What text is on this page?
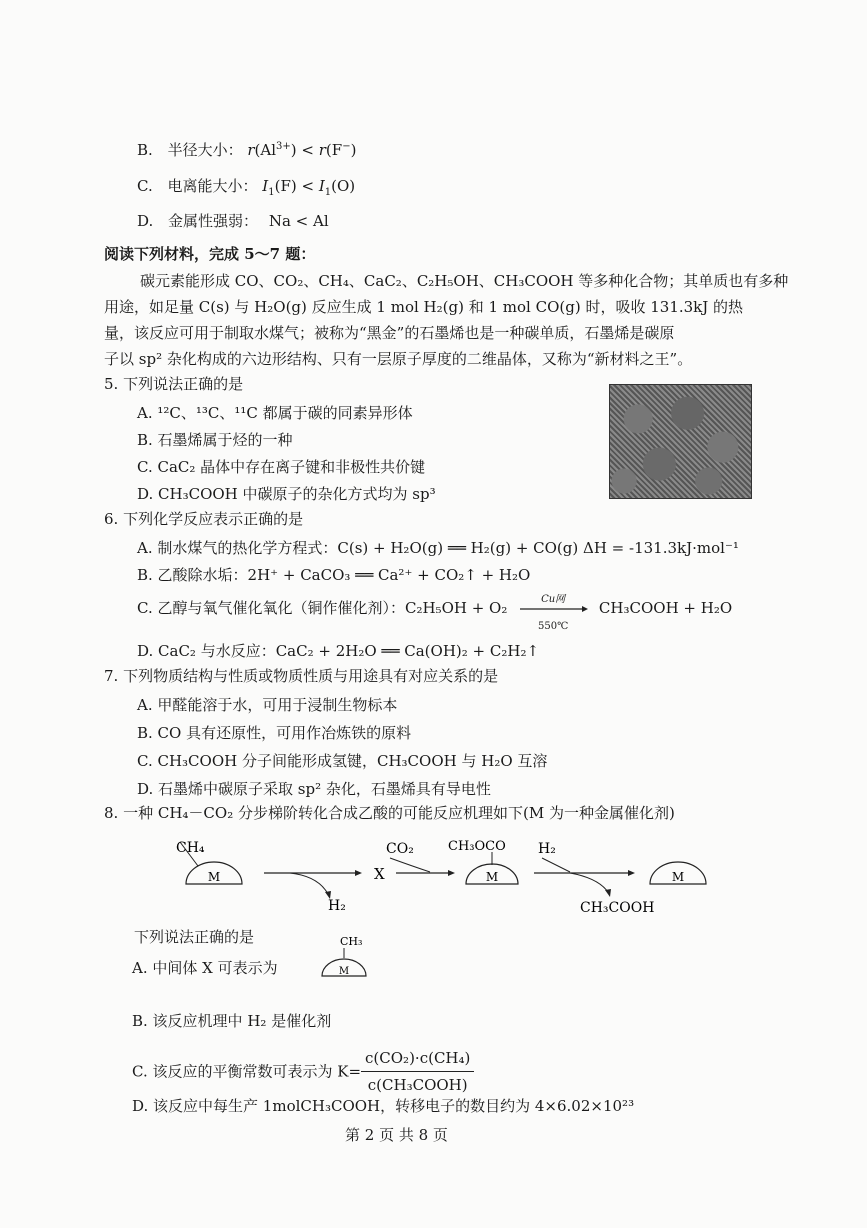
B. 半径大小： $r(Al^{3+}) < r(F^-)$
C. 电离能大小： $I_1(F) < I_1(O)$
D. 金属性强弱： Na < Al
阅读下列材料，完成 5～7 题：
碳元素能形成 CO、CO₂、CH₄、CaC₂、C₂H₅OH、CH₃COOH 等多种化合物；其单质也有多种
用途，如足量 C(s) 与 H₂O(g) 反应生成 1 mol H₂(g) 和 1 mol CO(g) 时，吸收 131.3kJ 的热
量，该反应可用于制取水煤气；被称为“黑金”的石墨烯也是一种碳单质，石墨烯是碳原
子以 sp² 杂化构成的六边形结构、只有一层原子厚度的二维晶体，又称为“新材料之王”。
5. 下列说法正确的是
A. ¹²C、¹³C、¹¹C 都属于碳的同素异形体
B. 石墨烯属于烃的一种
C. CaC₂ 晶体中存在离子键和非极性共价键
D. CH₃COOH 中碳原子的杂化方式均为 sp³
6. 下列化学反应表示正确的是
A. 制水煤气的热化学方程式：C(s) + H₂O(g) ══ H₂(g) + CO(g) ΔH = -131.3kJ·mol⁻¹
B. 乙酸除水垢：2H⁺ + CaCO₃ ══ Ca²⁺ + CO₂↑ + H₂O
C. 乙醇与氧气催化氧化（铜作催化剂）：C₂H₅OH + O₂	Cu网
550℃
CH₃COOH + H₂O
D. CaC₂ 与水反应：CaC₂ + 2H₂O ══ Ca(OH)₂ + C₂H₂↑
7. 下列物质结构与性质或物质性质与用途具有对应关系的是
A. 甲醛能溶于水，可用于浸制生物标本
B. CO 具有还原性，可用作冶炼铁的原料
C. CH₃COOH 分子间能形成氢键，CH₃COOH 与 H₂O 互溶
D. 石墨烯中碳原子采取 sp² 杂化，石墨烯具有导电性
8. 一种 CH₄－CO₂ 分步梯阶转化合成乙酸的可能反应机理如下(M 为一种金属催化剂)
M
CH₄
H₂
X
CO₂
M
CH₃OCO H₂
CH₃COOH
M
下列说法正确的是
A. 中间体 X 可表示为
CH₃
M
B. 该反应机理中 H₂ 是催化剂
C. 该反应的平衡常数可表示为 $K= \frac{\text{c(CO₂)·c(CH₄)}}{\text{c(CH₃COOH)}}$
D. 该反应中每生产 1molCH₃COOH，转移电子的数目约为 4×6.02×10²³
第 2 页 共 8 页
